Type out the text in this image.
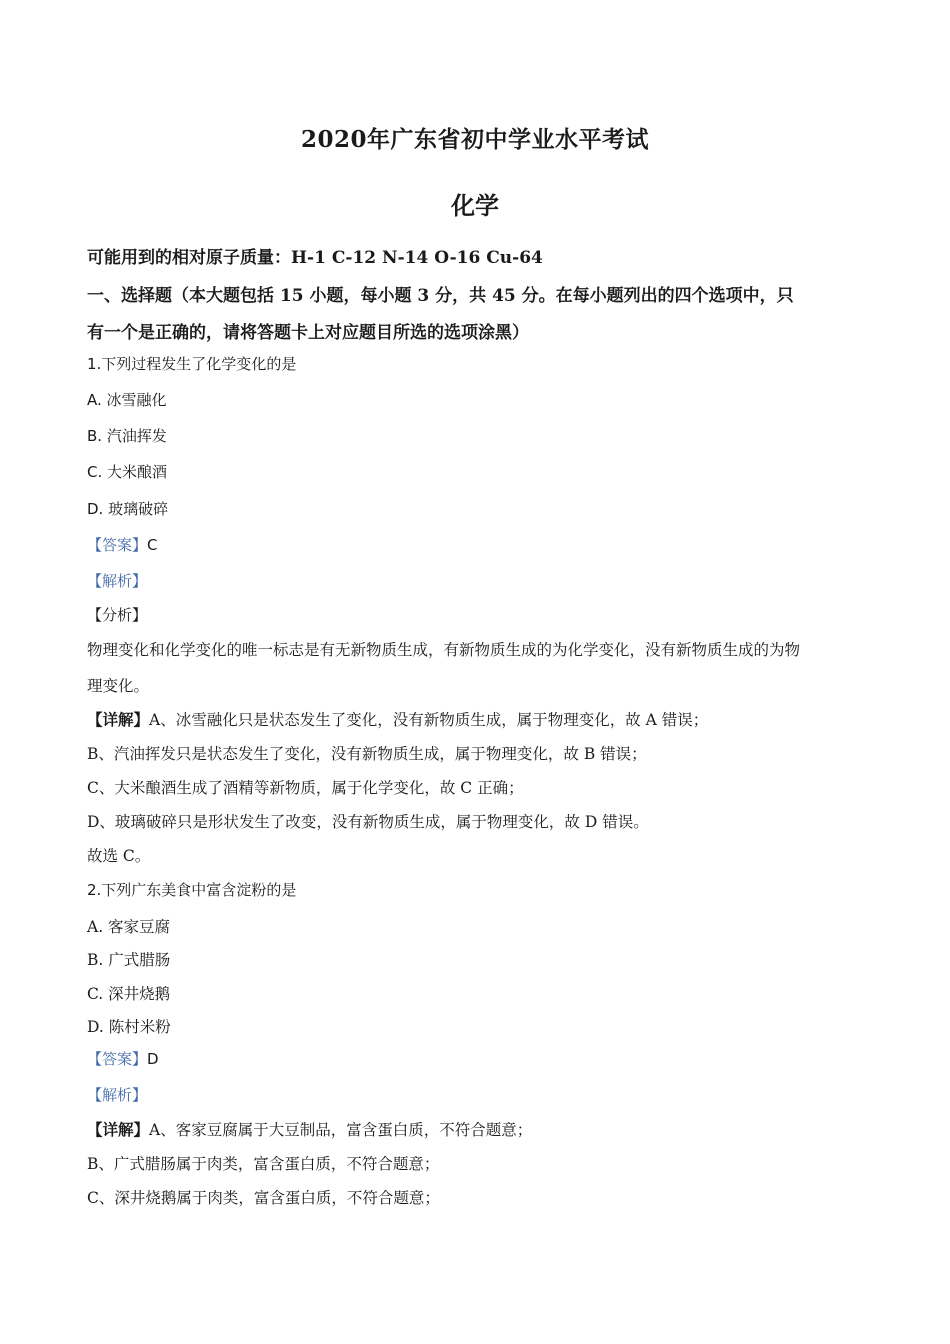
2020年广东省初中学业水平考试
化学
可能用到的相对原子质量：H-1 C-12 N-14 O-16 Cu-64
一、选择题（本大题包括 15 小题，每小题 3 分，共 45 分。在每小题列出的四个选项中，只
有一个是正确的，请将答题卡上对应题目所选的选项涂黑）
1.下列过程发生了化学变化的是
A. 冰雪融化
B. 汽油挥发
C. 大米酿酒
D. 玻璃破碎
【答案】C
【解析】
【分析】
物理变化和化学变化的唯一标志是有无新物质生成，有新物质生成的为化学变化，没有新物质生成的为物
理变化。
【详解】A、冰雪融化只是状态发生了变化，没有新物质生成，属于物理变化，故 A 错误；
B、汽油挥发只是状态发生了变化，没有新物质生成，属于物理变化，故 B 错误；
C、大米酿酒生成了酒精等新物质，属于化学变化，故 C 正确；
D、玻璃破碎只是形状发生了改变，没有新物质生成，属于物理变化，故 D 错误。
故选 C。
2.下列广东美食中富含淀粉的是
A. 客家豆腐
B. 广式腊肠
C. 深井烧鹅
D. 陈村米粉
【答案】D
【解析】
【详解】A、客家豆腐属于大豆制品，富含蛋白质，不符合题意；
B、广式腊肠属于肉类，富含蛋白质，不符合题意；
C、深井烧鹅属于肉类，富含蛋白质，不符合题意；
